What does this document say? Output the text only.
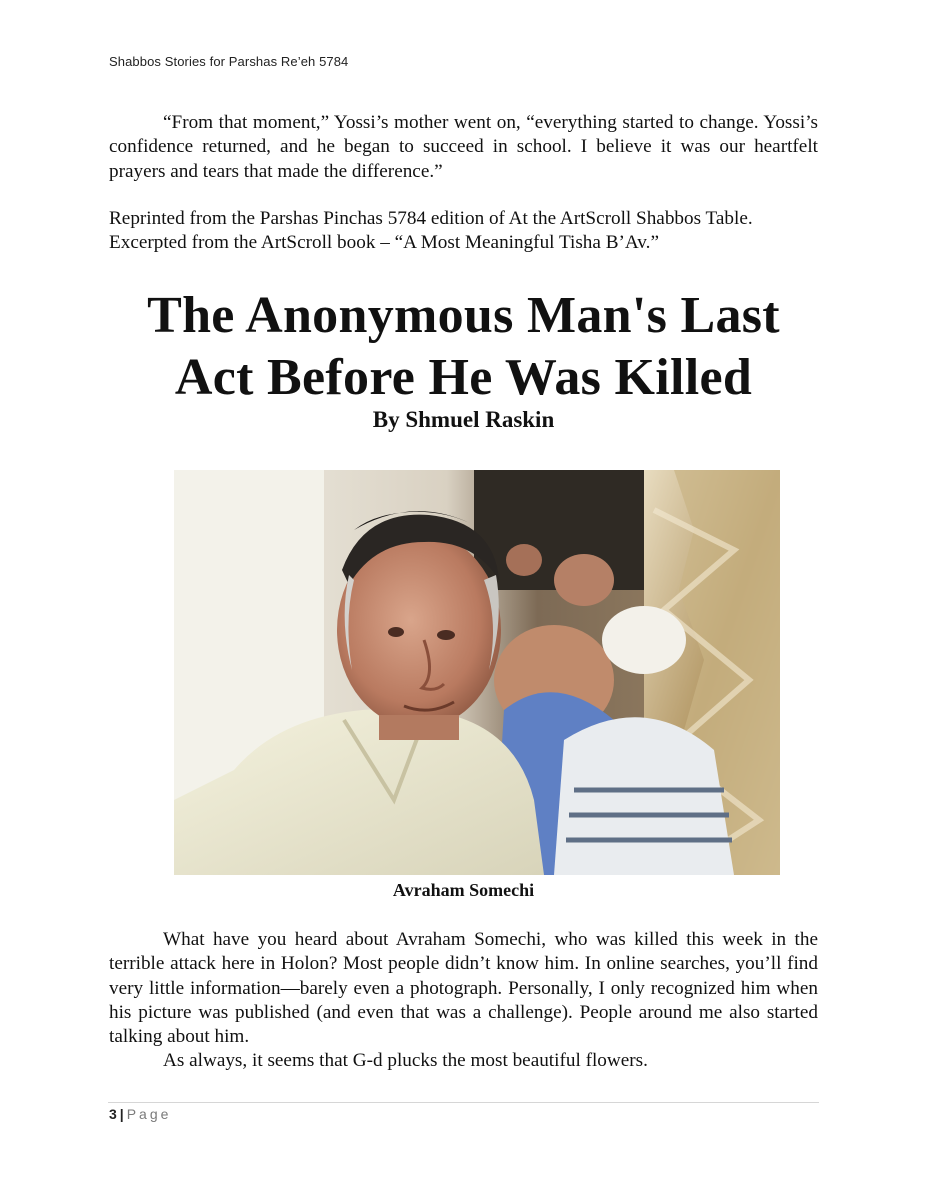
Shabbos Stories for Parshas Re’eh 5784

“From that moment,” Yossi’s mother went on, “everything started to change. Yossi’s confidence returned, and he began to succeed in school. I believe it was our heartfelt prayers and tears that made the difference.”

Reprinted from the Parshas Pinchas 5784 edition of At the ArtScroll Shabbos Table.

Excerpted from the ArtScroll book – “A Most Meaningful Tisha B’Av.”

The Anonymous Man's Last
Act Before He Was Killed
By Shmuel Raskin
Avraham Somechi

What have you heard about Avraham Somechi, who was killed this week in the terrible attack here in Holon? Most people didn’t know him. In online searches, you’ll find very little information—barely even a photograph. Personally, I only recognized him when his picture was published (and even that was a challenge). People around me also started talking about him.

As always, it seems that G-d plucks the most beautiful flowers.

3 | Page
